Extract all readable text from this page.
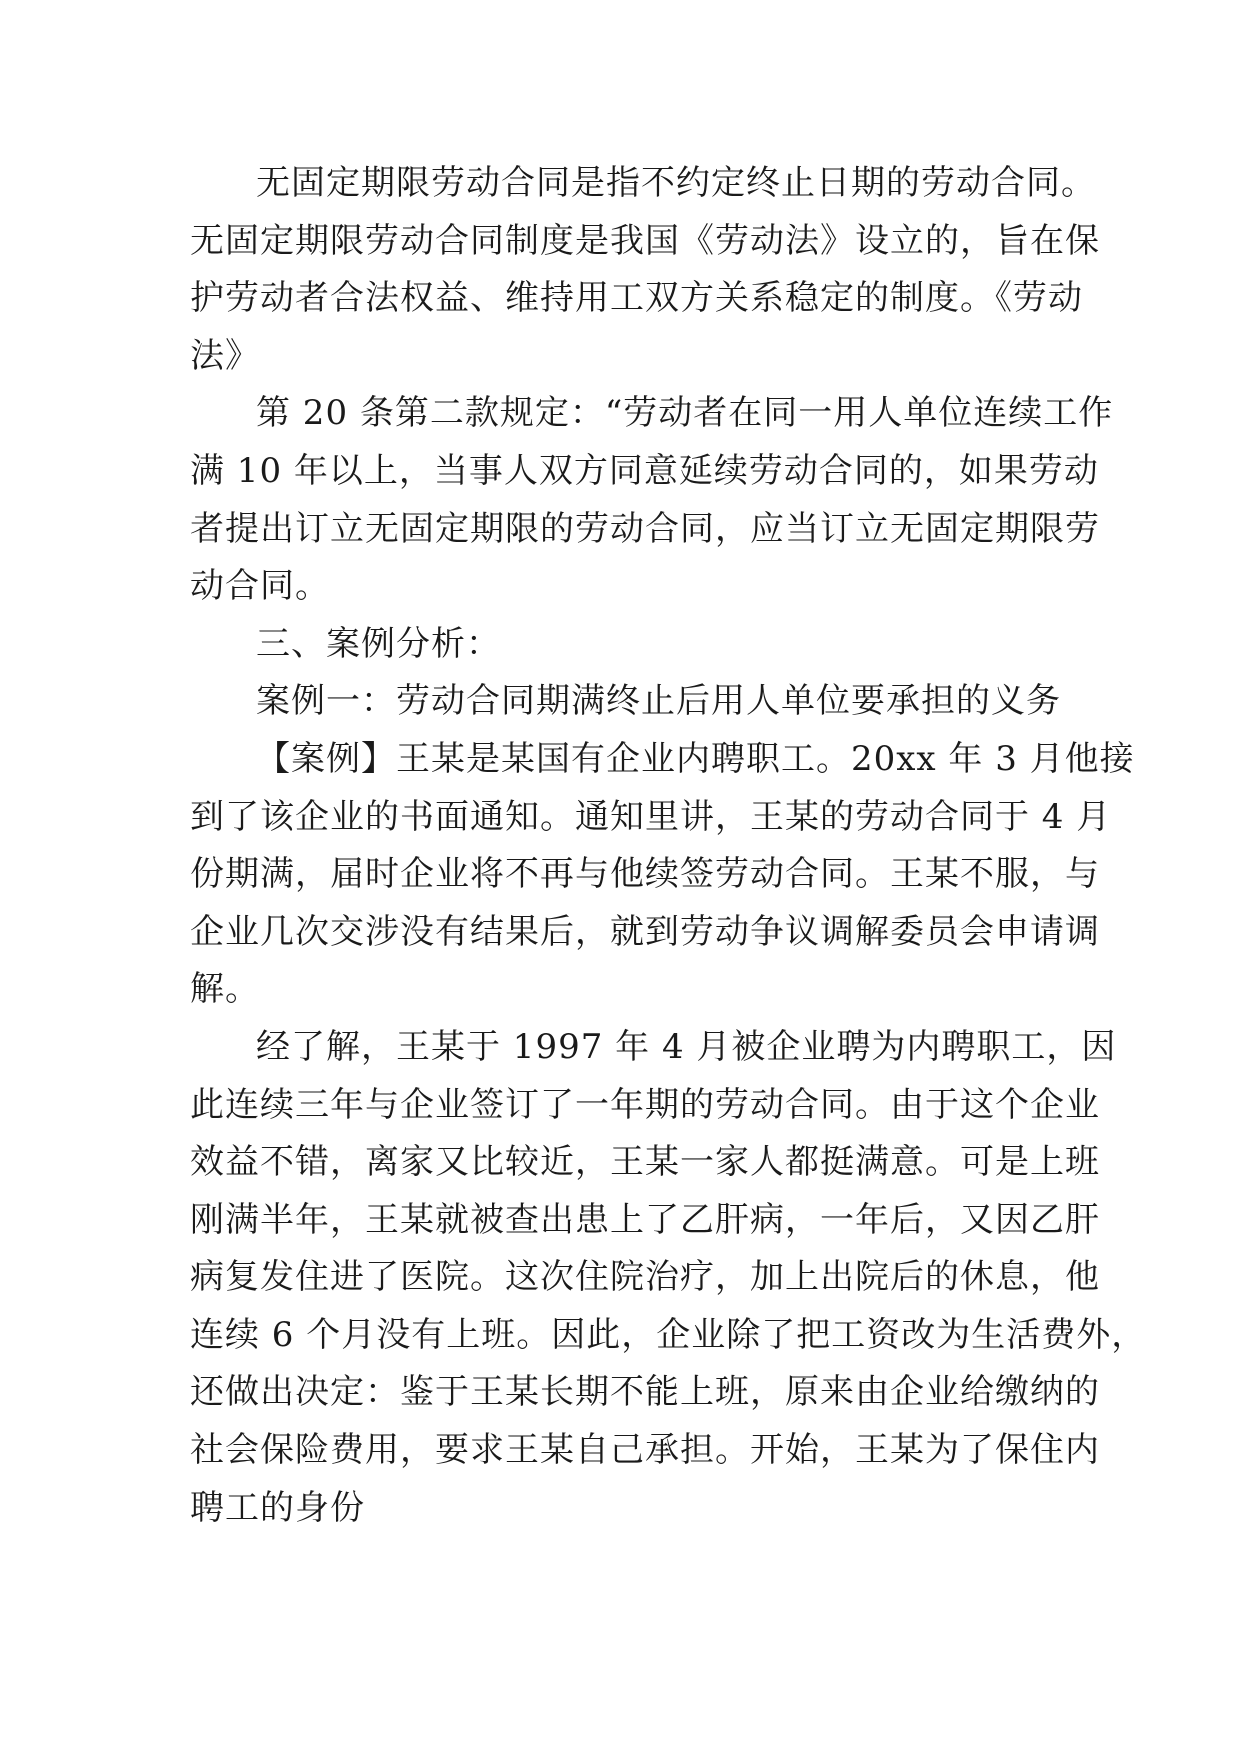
无固定期限劳动合同是指不约定终止日期的劳动合同。
无固定期限劳动合同制度是我国《劳动法》设立的，旨在保
护劳动者合法权益、维持用工双方关系稳定的制度。《劳动
法》
第 20 条第二款规定：“劳动者在同一用人单位连续工作
满 10 年以上，当事人双方同意延续劳动合同的，如果劳动
者提出订立无固定期限的劳动合同，应当订立无固定期限劳
动合同。
三、案例分析：
案例一：劳动合同期满终止后用人单位要承担的义务
【案例】王某是某国有企业内聘职工。20xx 年 3 月他接
到了该企业的书面通知。通知里讲，王某的劳动合同于 4 月
份期满，届时企业将不再与他续签劳动合同。王某不服，与
企业几次交涉没有结果后，就到劳动争议调解委员会申请调
解。
经了解，王某于 1997 年 4 月被企业聘为内聘职工，因
此连续三年与企业签订了一年期的劳动合同。由于这个企业
效益不错，离家又比较近，王某一家人都挺满意。可是上班
刚满半年，王某就被查出患上了乙肝病，一年后，又因乙肝
病复发住进了医院。这次住院治疗，加上出院后的休息，他
连续 6 个月没有上班。因此，企业除了把工资改为生活费外，
还做出决定：鉴于王某长期不能上班，原来由企业给缴纳的
社会保险费用，要求王某自己承担。开始，王某为了保住内
聘工的身份
